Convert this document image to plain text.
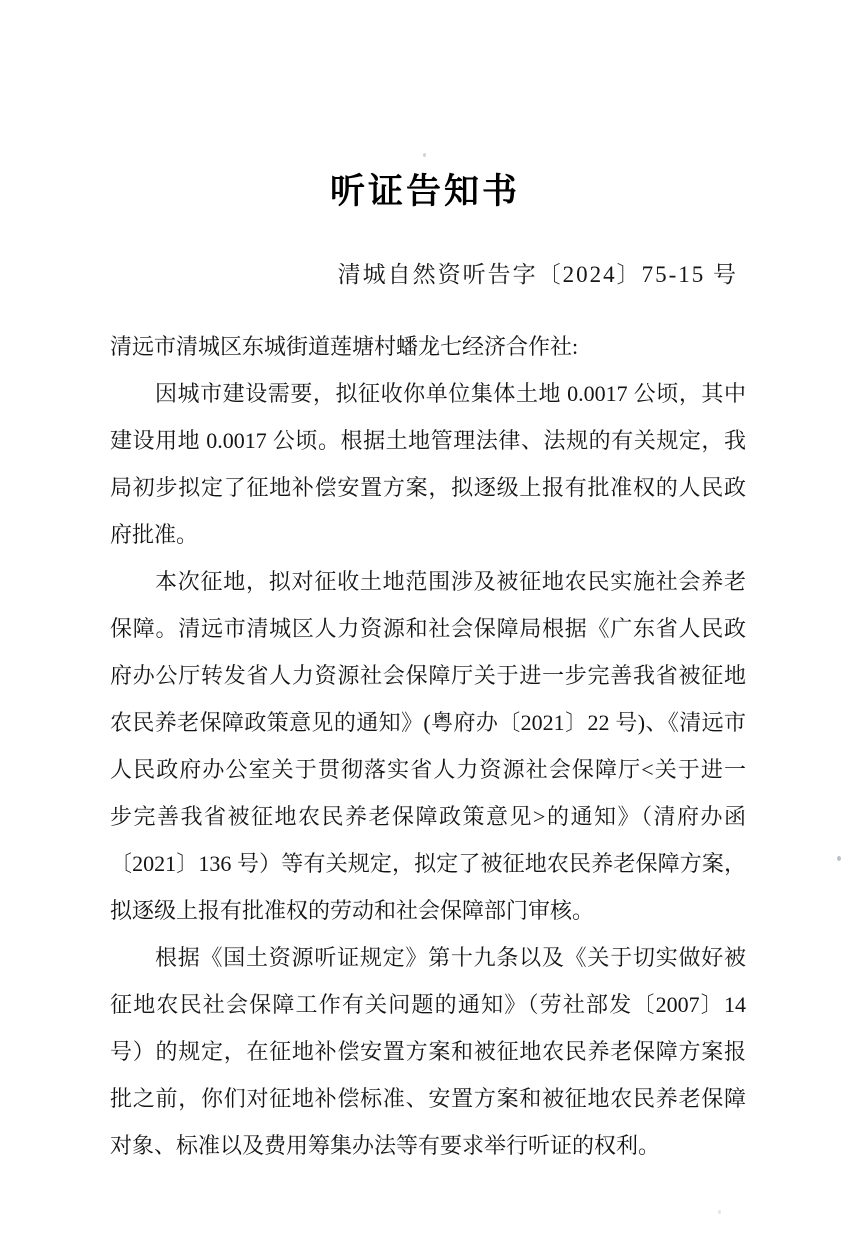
听证告知书
清城自然资听告字〔2024〕75-15 号
清远市清城区东城街道莲塘村蟠龙七经济合作社:
因城市建设需要，拟征收你单位集体土地 0.0017 公顷，其中
建设用地 0.0017 公顷。根据土地管理法律、法规的有关规定，我
局初步拟定了征地补偿安置方案，拟逐级上报有批准权的人民政
府批准。
本次征地，拟对征收土地范围涉及被征地农民实施社会养老
保障。清远市清城区人力资源和社会保障局根据《广东省人民政
府办公厅转发省人力资源社会保障厅关于进一步完善我省被征地
农民养老保障政策意见的通知》(粤府办〔2021〕22 号)、《清远市
人民政府办公室关于贯彻落实省人力资源社会保障厅<关于进一
步完善我省被征地农民养老保障政策意见>的通知》（清府办函
〔2021〕136 号）等有关规定，拟定了被征地农民养老保障方案，
拟逐级上报有批准权的劳动和社会保障部门审核。
根据《国土资源听证规定》第十九条以及《关于切实做好被
征地农民社会保障工作有关问题的通知》（劳社部发〔2007〕14
号）的规定，在征地补偿安置方案和被征地农民养老保障方案报
批之前，你们对征地补偿标准、安置方案和被征地农民养老保障
对象、标准以及费用筹集办法等有要求举行听证的权利。
